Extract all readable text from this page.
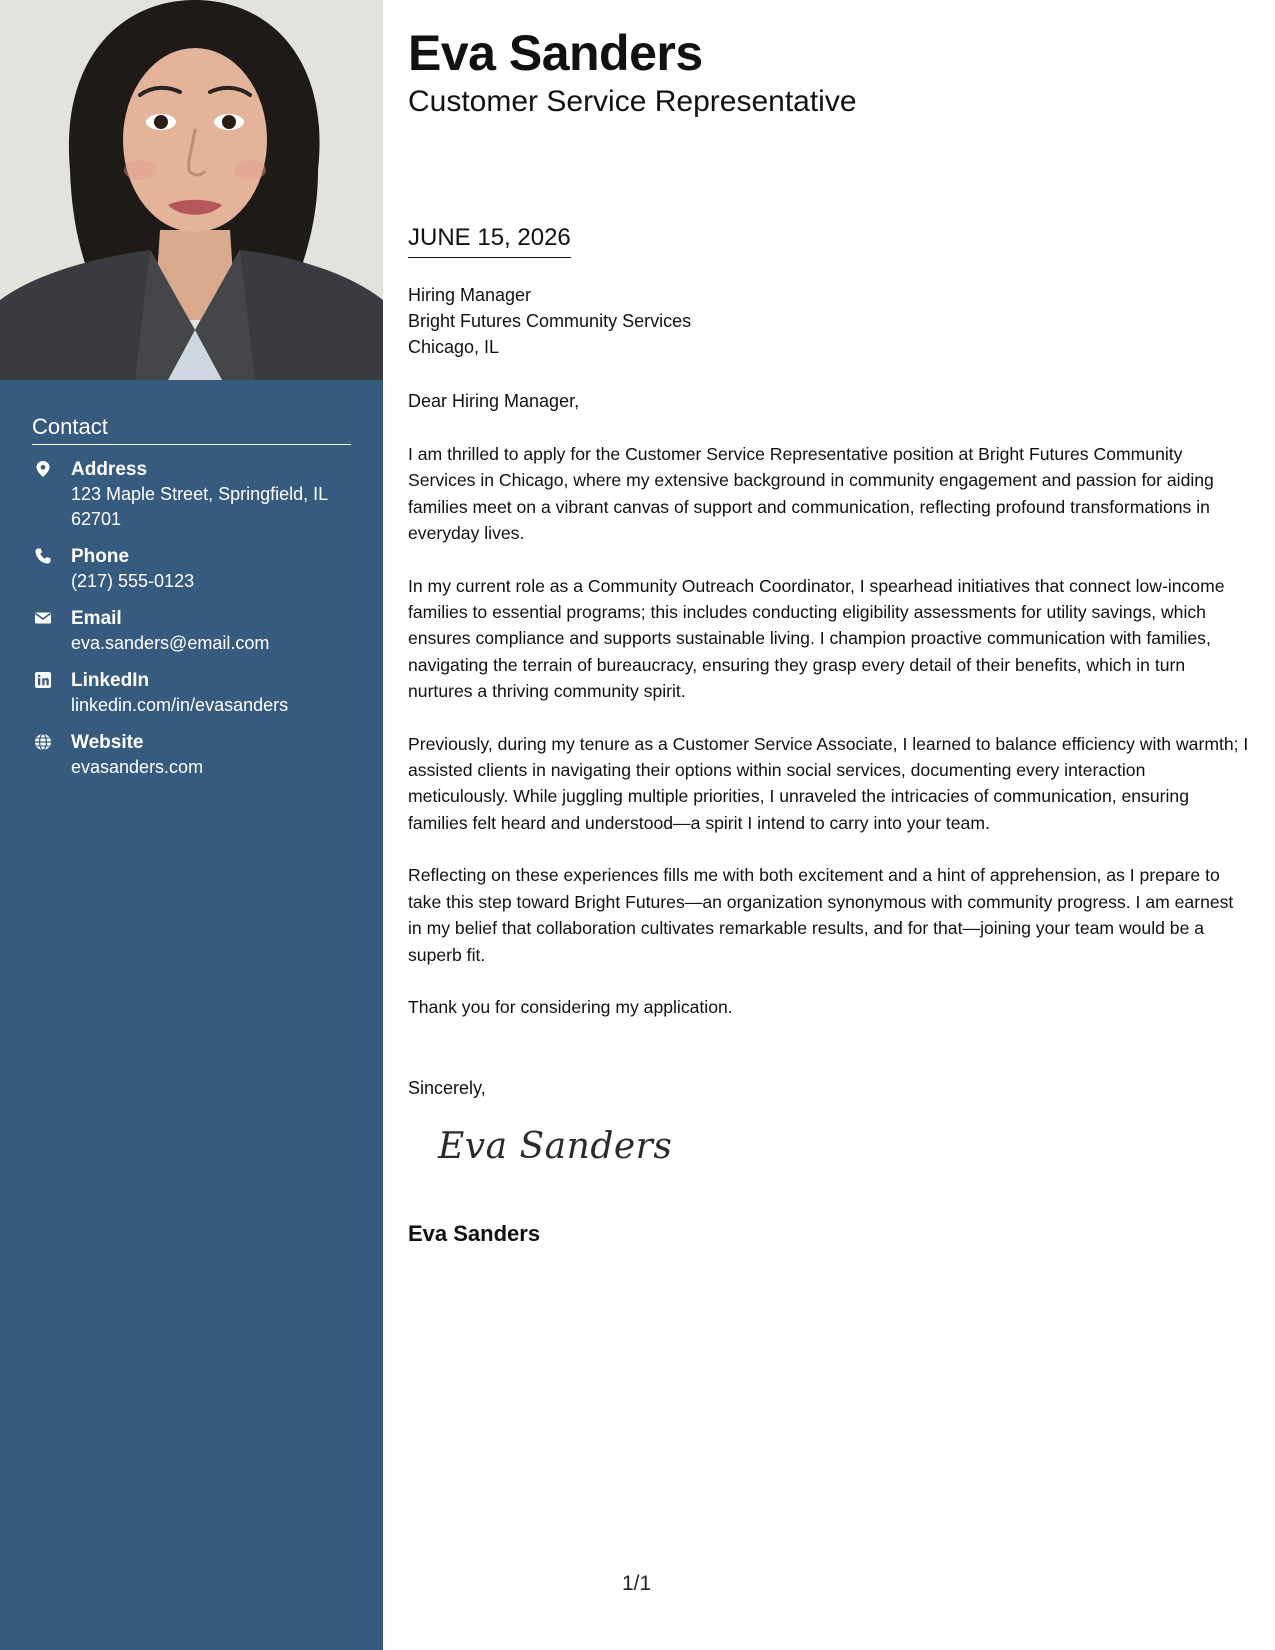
Contact
Address
123 Maple Street, Springfield, IL 62701
Phone
(217) 555-0123
Email
eva.sanders@email.com
LinkedIn
linkedin.com/in/evasanders
Website
evasanders.com
Eva Sanders
Customer Service Representative
JUNE 15, 2026
Hiring Manager
Bright Futures Community Services
Chicago, IL
Dear Hiring Manager,

I am thrilled to apply for the Customer Service Representative position at Bright Futures Community Services in Chicago, where my extensive background in community engagement and passion for aiding families meet on a vibrant canvas of support and communication, reflecting profound transformations in everyday lives.

In my current role as a Community Outreach Coordinator, I spearhead initiatives that connect low-income families to essential programs; this includes conducting eligibility assessments for utility savings, which ensures compliance and supports sustainable living. I champion proactive communication with families, navigating the terrain of bureaucracy, ensuring they grasp every detail of their benefits, which in turn nurtures a thriving community spirit.

Previously, during my tenure as a Customer Service Associate, I learned to balance efficiency with warmth; I assisted clients in navigating their options within social services, documenting every interaction meticulously. While juggling multiple priorities, I unraveled the intricacies of communication, ensuring families felt heard and understood—a spirit I intend to carry into your team.

Reflecting on these experiences fills me with both excitement and a hint of apprehension, as I prepare to take this step toward Bright Futures—an organization synonymous with community progress. I am earnest in my belief that collaboration cultivates remarkable results, and for that—joining your team would be a superb fit.

Thank you for considering my application.

Sincerely,
Eva Sanders
Eva Sanders
1/1
